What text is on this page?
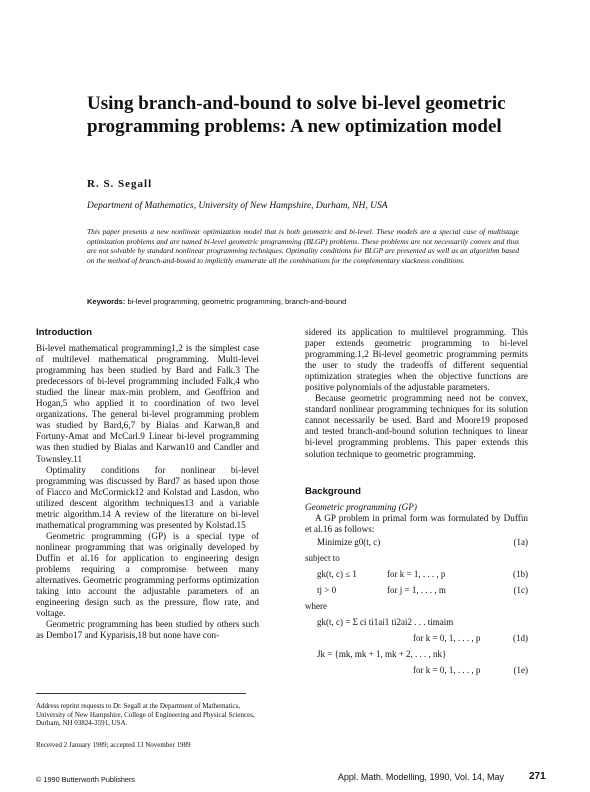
Using branch-and-bound to solve bi-level geometric programming problems: A new optimization model
R. S. Segall
Department of Mathematics, University of New Hampshire, Durham, NH, USA

This paper presents a new nonlinear optimization model that is both geometric and bi-level. These models are a special case of multistage optimization problems and are named bi-level geometric programming (BLGP) problems. These problems are not necessarily convex and thus are not solvable by standard nonlinear programming techniques. Optimality conditions for BLGP are presented as well as an algorithm based on the method of branch-and-bound to implicitly enumerate all the combinations for the complementary slackness conditions.

Keywords: bi-level programming, geometric programming, branch-and-bound
Introduction

Bi-level mathematical programming1,2 is the simplest case of multilevel mathematical programming. Multi-level programming has been studied by Bard and Falk.3 The predecessors of bi-level programming included Falk,4 who studied the linear max-min problem, and Geoffrion and Hogan,5 who applied it to coordination of two level organizations. The general bi-level programming problem was studied by Bard,6,7 by Bialas and Karwan,8 and Fortuny-Amat and McCarl.9 Linear bi-level programming was then studied by Bialas and Karwan10 and Candler and Townsley.11

Optimality conditions for nonlinear bi-level programming was discussed by Bard7 as based upon those of Fiacco and McCormick12 and Kolstad and Lasdon, who utilized descent algorithm techniques13 and a variable metric algorithm.14 A review of the literature on bi-level mathematical programming was presented by Kolstad.15

Geometric programming (GP) is a special type of nonlinear programming that was originally developed by Duffin et al.16 for application to engineering design problems requiring a compromise between many alternatives. Geometric programming performs optimization taking into account the adjustable parameters of an engineering design such as the pressure, flow rate, and voltage.

Geometric programming has been studied by others such as Dembo17 and Kyparisis,18 but none have con-

sidered its application to multilevel programming. This paper extends geometric programming to bi-level programming.1,2 Bi-level geometric programming permits the user to study the tradeoffs of different sequential optimization strategies when the objective functions are positive polynomials of the adjustable parameters.

Because geometric programming need not be convex, standard nonlinear programming techniques for its solution cannot necessarily be used. Bard and Moore19 proposed and tested branch-and-bound solution techniques to linear bi-level programming problems. This paper extends this solution technique to geometric programming.

Background
Geometric programming (GP)

A GP problem in primal form was formulated by Duffin et al.16 as follows:

Minimize g0(t, c)	(1a)
subject to
gk(t, c) ≤ 1	for k = 1, . . . , p	(1b)
tj > 0	for j = 1, . . . , m	(1c)
where
gk(t, c) = Σ ci ti1ai1 ti2ai2 . . . timaim
for k = 0, 1, . . . , p	(1d)
Jk = {mk, mk + 1, mk + 2, . . . , nk}
for k = 0, 1, . . . , p	(1e)

Address reprint requests to Dr. Segall at the Department of Mathematics, University of New Hampshire, College of Engineering and Physical Sciences, Durham, NH 03824-3591, USA.

Received 2 January 1989; accepted 13 November 1989
© 1990 Butterworth Publishers	Appl. Math. Modelling, 1990, Vol. 14, May	271
